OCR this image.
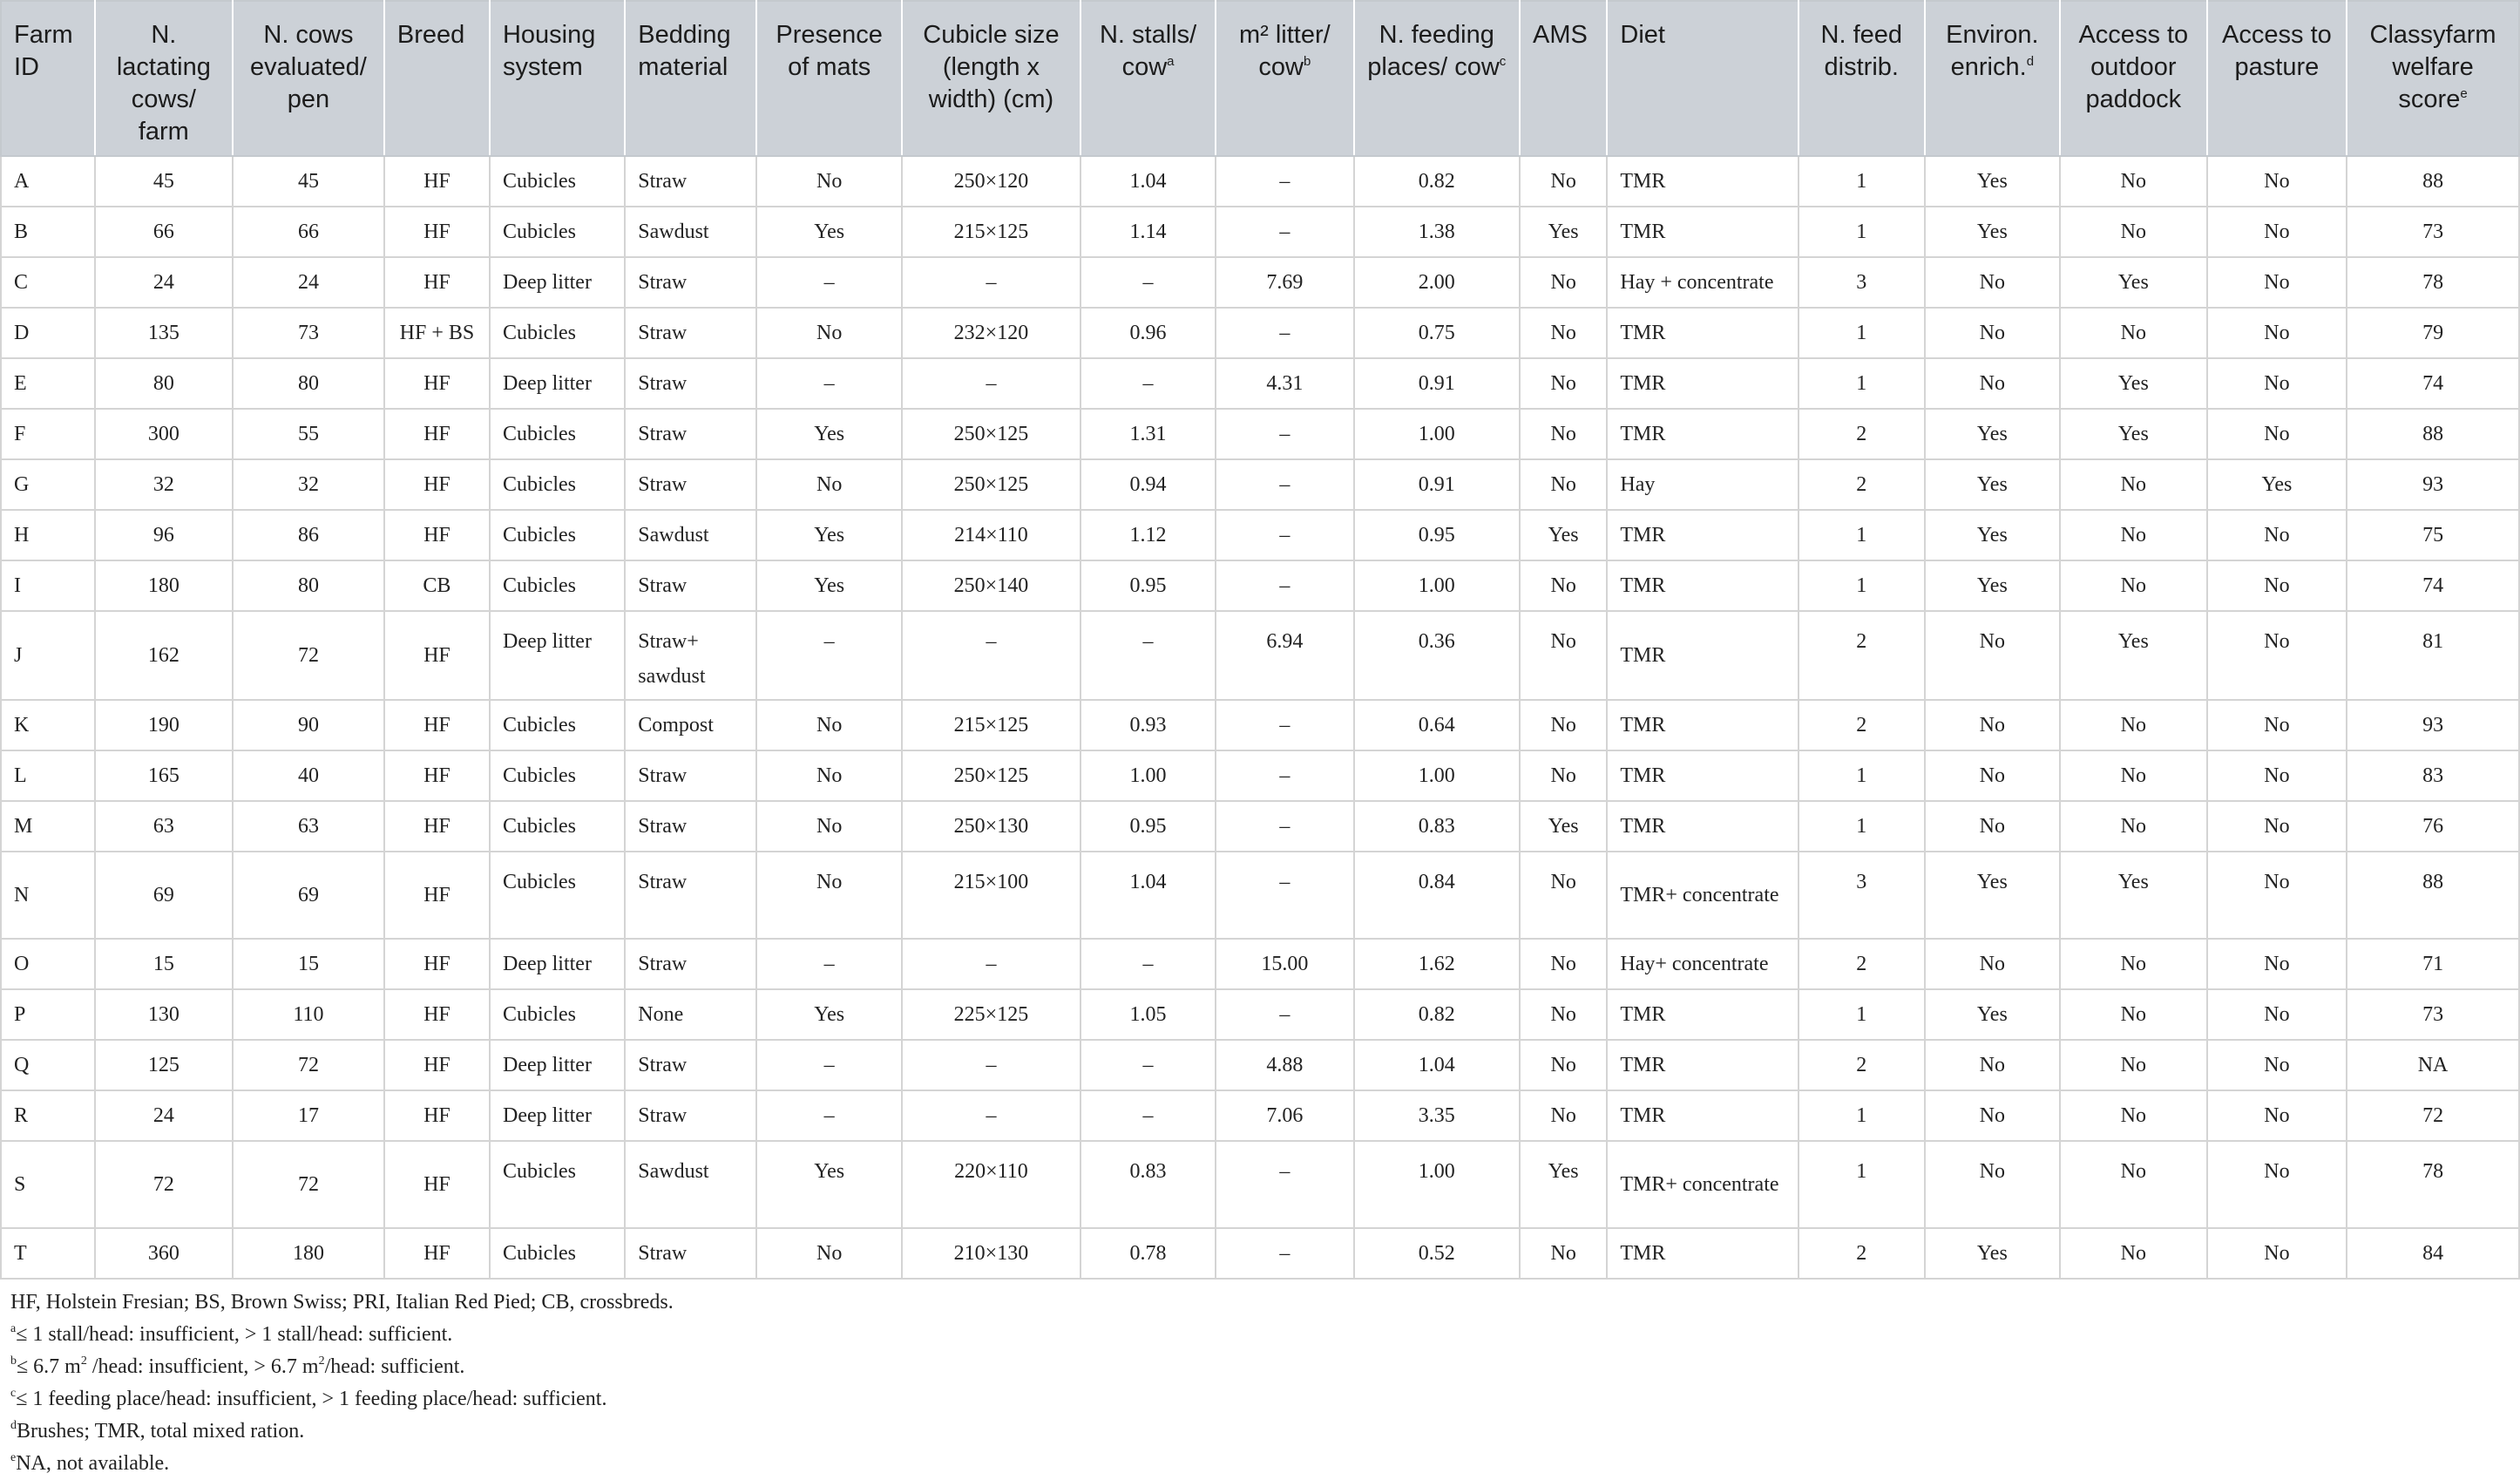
Farm ID	N. lactating cows/ farm	N. cows evaluated/ pen	Breed	Housing system	Bedding material	Presence of mats	Cubicle size (length x width) (cm)	N. stalls/ cow$^a$	m² litter/ cow$^b$	N. feeding places/ cow$^c$	AMS	Diet	N. feed distrib.	Environ. enrich.$^d$	Access to outdoor paddock	Access to pasture	Classyfarm welfare score$^e$
A	45	45	HF	Cubicles	Straw	No	250×120	1.04	–	0.82	No	TMR	1	Yes	No	No	88
B	66	66	HF	Cubicles	Sawdust	Yes	215×125	1.14	–	1.38	Yes	TMR	1	Yes	No	No	73
C	24	24	HF	Deep litter	Straw	–	–	–	7.69	2.00	No	Hay + concentrate	3	No	Yes	No	78
D	135	73	HF + BS	Cubicles	Straw	No	232×120	0.96	–	0.75	No	TMR	1	No	No	No	79
E	80	80	HF	Deep litter	Straw	–	–	–	4.31	0.91	No	TMR	1	No	Yes	No	74
F	300	55	HF	Cubicles	Straw	Yes	250×125	1.31	–	1.00	No	TMR	2	Yes	Yes	No	88
G	32	32	HF	Cubicles	Straw	No	250×125	0.94	–	0.91	No	Hay	2	Yes	No	Yes	93
H	96	86	HF	Cubicles	Sawdust	Yes	214×110	1.12	–	0.95	Yes	TMR	1	Yes	No	No	75
I	180	80	CB	Cubicles	Straw	Yes	250×140	0.95	–	1.00	No	TMR	1	Yes	No	No	74
J	162	72	HF	Deep litter	Straw+ sawdust	–	–	–	6.94	0.36	No	TMR	2	No	Yes	No	81
K	190	90	HF	Cubicles	Compost	No	215×125	0.93	–	0.64	No	TMR	2	No	No	No	93
L	165	40	HF	Cubicles	Straw	No	250×125	1.00	–	1.00	No	TMR	1	No	No	No	83
M	63	63	HF	Cubicles	Straw	No	250×130	0.95	–	0.83	Yes	TMR	1	No	No	No	76
N	69	69	HF	Cubicles	Straw	No	215×100	1.04	–	0.84	No	TMR+ concentrate	3	Yes	Yes	No	88
O	15	15	HF	Deep litter	Straw	–	–	–	15.00	1.62	No	Hay+ concentrate	2	No	No	No	71
P	130	110	HF	Cubicles	None	Yes	225×125	1.05	–	0.82	No	TMR	1	Yes	No	No	73
Q	125	72	HF	Deep litter	Straw	–	–	–	4.88	1.04	No	TMR	2	No	No	No	NA
R	24	17	HF	Deep litter	Straw	–	–	–	7.06	3.35	No	TMR	1	No	No	No	72
S	72	72	HF	Cubicles	Sawdust	Yes	220×110	0.83	–	1.00	Yes	TMR+ concentrate	1	No	No	No	78
T	360	180	HF	Cubicles	Straw	No	210×130	0.78	–	0.52	No	TMR	2	Yes	No	No	84
HF, Holstein Fresian; BS, Brown Swiss; PRI, Italian Red Pied; CB, crossbreds.
$^a$≤ 1 stall/head: insufficient, > 1 stall/head: sufficient.
$^b$≤ 6.7 $m^2$ /head: insufficient, > 6.7 $m^2$/head: sufficient.
$^c$≤ 1 feeding place/head: insufficient, > 1 feeding place/head: sufficient.
$^d$Brushes; TMR, total mixed ration.
$^e$NA, not available.
